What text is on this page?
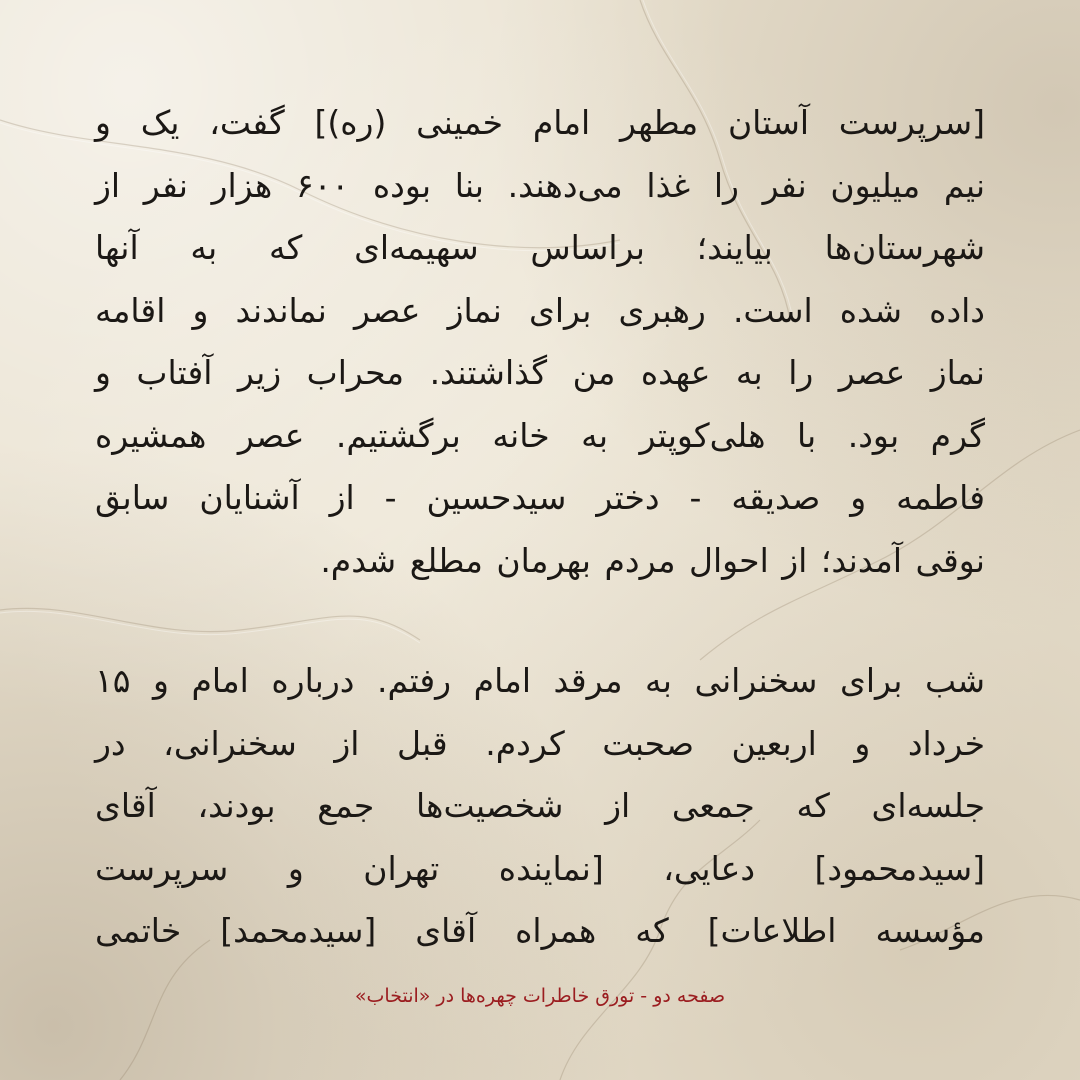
[سرپرست آستان مطهر امام خمینی (ره)] گفت، یک و
نیم میلیون نفر را غذا می‌دهند. بنا بوده ۶۰۰ هزار نفر از
شهرستان‌ها بیایند؛ براساس سهیمه‌ای که به آنها
داده شده است. رهبری برای نماز عصر نماندند و اقامه
نماز عصر را به عهده من گذاشتند. محراب زیر آفتاب و
گرم بود. با هلی‌کوپتر به خانه برگشتیم. عصر همشیره
فاطمه و صدیقه - دختر سیدحسین - از آشنایان سابق
نوقی آمدند؛ از احوال مردم بهرمان مطلع شدم.

شب برای سخنرانی به مرقد امام رفتم. درباره امام و ۱۵
خرداد و اربعین صحبت کردم. قبل از سخنرانی، در
جلسه‌ای که جمعی از شخصیت‌ها جمع بودند، آقای
[سیدمحمود] دعایی، [نماینده تهران و سرپرست
مؤسسه اطلاعات] که همراه آقای [سیدمحمد] خاتمی

صفحه دو - تورق خاطرات چهره‌ها در «انتخاب»
